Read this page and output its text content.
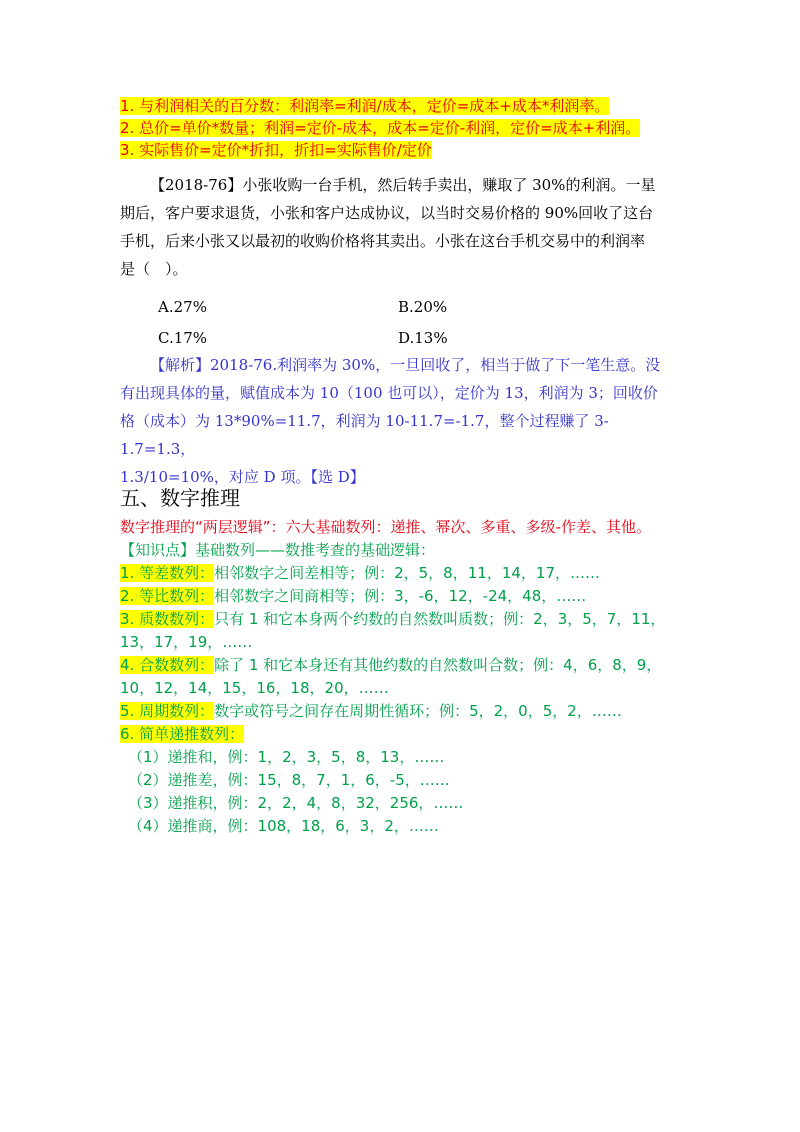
1. 与利润相关的百分数：利润率=利润/成本，定价=成本+成本*利润率。
2. 总价=单价*数量；利润=定价-成本，成本=定价-利润，定价=成本+利润。
3. 实际售价=定价*折扣，折扣=实际售价/定价

【2018-76】小张收购一台手机，然后转手卖出，赚取了 30%的利润。一星

期后，客户要求退货，小张和客户达成协议，以当时交易价格的 90%回收了这台

手机，后来小张又以最初的收购价格将其卖出。小张在这台手机交易中的利润率

是（　）。

A.27%	B.20%
C.17%	D.13%

【解析】2018-76.利润率为 30%，一旦回收了，相当于做了下一笔生意。没

有出现具体的量，赋值成本为 10（100 也可以），定价为 13，利润为 3；回收价

格（成本）为 13*90%=11.7，利润为 10-11.7=-1.7，整个过程赚了 3-1.7=1.3，

1.3/10=10%，对应 D 项。【选 D】

五、数字推理
数字推理的“两层逻辑”：六大基础数列：递推、幂次、多重、多级-作差、其他。
【知识点】基础数列——数推考查的基础逻辑：
1. 等差数列：相邻数字之间差相等；例：2，5，8，11，14，17，……
2. 等比数列：相邻数字之间商相等；例：3，-6，12，-24，48，……
3. 质数数列：只有 1 和它本身两个约数的自然数叫质数；例：2，3，5，7，11，
13，17，19，……
4. 合数数列：除了 1 和它本身还有其他约数的自然数叫合数；例：4，6，8，9，
10，12，14，15，16，18，20，……
5. 周期数列：数字或符号之间存在周期性循环；例：5，2，0，5，2，……
6. 简单递推数列：
（1）递推和，例：1，2，3，5，8，13，……
（2）递推差，例：15，8，7，1，6，-5，……
（3）递推积，例：2，2，4，8，32，256，……
（4）递推商，例：108，18，6，3，2，……
